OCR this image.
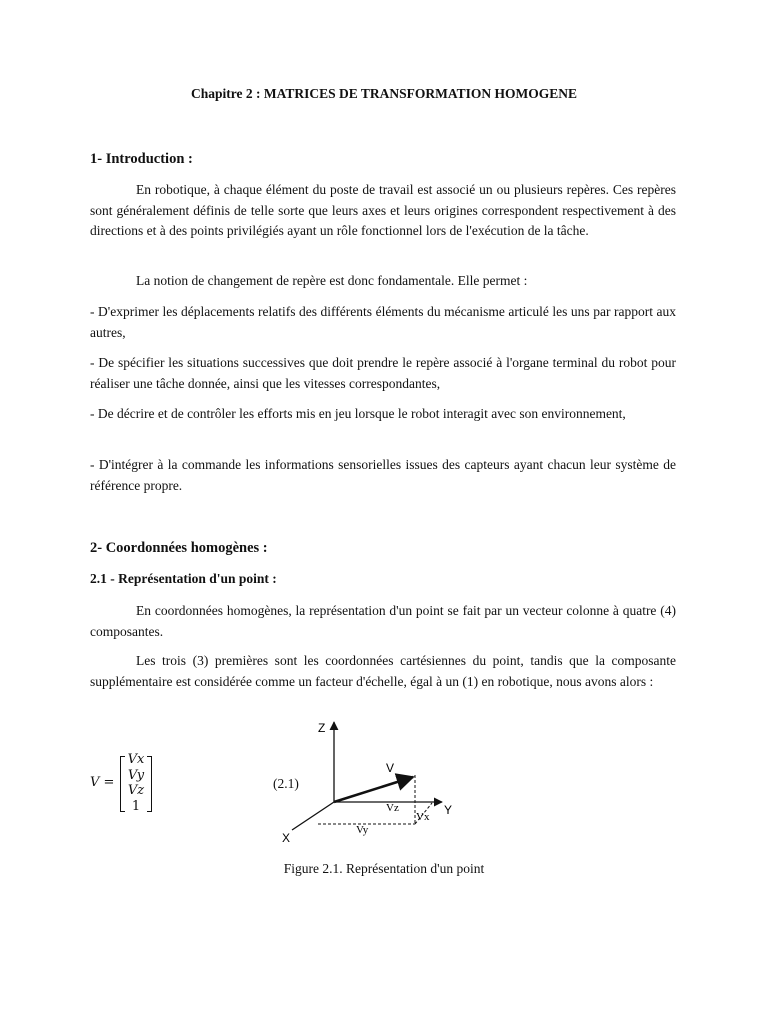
Chapitre 2 : MATRICES DE TRANSFORMATION HOMOGENE
1- Introduction :

En robotique, à chaque élément du poste de travail est associé un ou plusieurs repères. Ces repères sont généralement définis de telle sorte que leurs axes et leurs origines correspondent respectivement à des directions et à des points privilégiés ayant un rôle fonctionnel lors de l'exécution de la tâche.

La notion de changement de repère est donc fondamentale. Elle permet :

- D'exprimer les déplacements relatifs des différents éléments du mécanisme articulé les uns par rapport aux autres,

- De spécifier les situations successives que doit prendre le repère associé à l'organe terminal du robot pour réaliser une tâche donnée, ainsi que les vitesses correspondantes,

- De décrire et de contrôler les efforts mis en jeu lorsque le robot interagit avec son environnement,

- D'intégrer à la commande les informations sensorielles issues des capteurs ayant chacun leur système de référence propre.

2- Coordonnées homogènes :
2.1 - Représentation d'un point :

En coordonnées homogènes, la représentation d'un point se fait par un vecteur colonne à quatre (4) composantes.

Les trois (3) premières sont les coordonnées cartésiennes du point, tandis que la composante supplémentaire est considérée comme un facteur d'échelle, égal à un (1) en robotique, nous avons alors :

V =
Vx
Vy
Vz
1
(2.1)
Z
Y
X
V
Vz
Vx
Vy
Figure 2.1. Représentation d'un point
